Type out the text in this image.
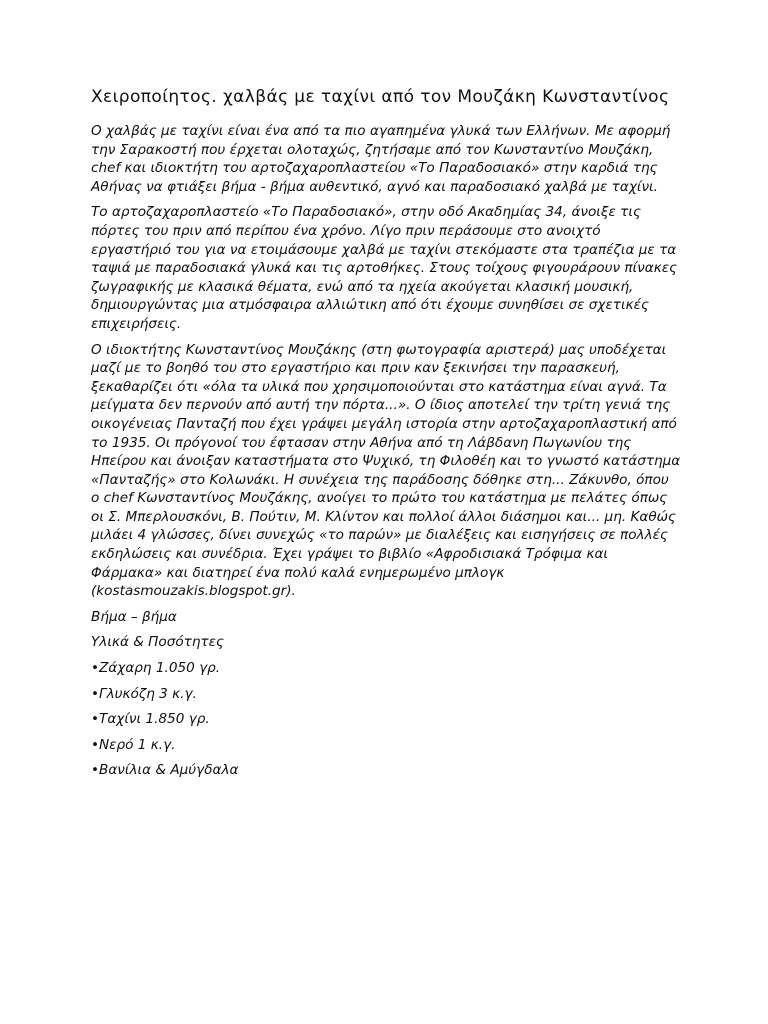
Χειροποίητος. χαλβάς με ταχίνι από τον Μουζάκη Κωνσταντίνος

Ο χαλβάς με ταχίνι είναι ένα από τα πιο αγαπημένα γλυκά των Ελλήνων. Με αφορμή την Σαρακοστή που έρχεται ολοταχώς, ζητήσαμε από τον Κωνσταντίνο Μουζάκη, chef και ιδιοκτήτη του αρτοζαχαροπλαστείου «Το Παραδοσιακό» στην καρδιά της Αθήνας να φτιάξει βήμα - βήμα αυθεντικό, αγνό και παραδοσιακό χαλβά με ταχίνι.

Το αρτοζαχαροπλαστείο «Το Παραδοσιακό», στην οδό Ακαδημίας 34, άνοιξε τις πόρτες του πριν από περίπου ένα χρόνο. Λίγο πριν περάσουμε στο ανοιχτό εργαστήριό του για να ετοιμάσουμε χαλβά με ταχίνι στεκόμαστε στα τραπέζια με τα ταψιά με παραδοσιακά γλυκά και τις αρτοθήκες. Στους τοίχους φιγουράρουν πίνακες ζωγραφικής με κλασικά θέματα, ενώ από τα ηχεία ακούγεται κλασική μουσική, δημιουργώντας μια ατμόσφαιρα αλλιώτικη από ότι έχουμε συνηθίσει σε σχετικές επιχειρήσεις.

Ο ιδιοκτήτης Κωνσταντίνος Μουζάκης (στη φωτογραφία αριστερά) μας υποδέχεται μαζί με το βοηθό του στο εργαστήριο και πριν καν ξεκινήσει την παρασκευή, ξεκαθαρίζει ότι «όλα τα υλικά που χρησιμοποιούνται στο κατάστημα είναι αγνά. Τα μείγματα δεν περνούν από αυτή την πόρτα...». Ο ίδιος αποτελεί την τρίτη γενιά της οικογένειας Πανταζή που έχει γράψει μεγάλη ιστορία στην αρτοζαχαροπλαστική από το 1935. Οι πρόγονοί του έφτασαν στην Αθήνα από τη Λάβδανη Πωγωνίου της Ηπείρου και άνοιξαν καταστήματα στο Ψυχικό, τη Φιλοθέη και το γνωστό κατάστημα «Πανταζής» στο Κολωνάκι. Η συνέχεια της παράδοσης δόθηκε στη... Ζάκυνθο, όπου ο chef Κωνσταντίνος Μουζάκης, ανοίγει το πρώτο του κατάστημα με πελάτες όπως οι Σ. Μπερλουσκόνι, Β. Πούτιν, Μ. Κλίντον και πολλοί άλλοι διάσημοι και... μη. Καθώς μιλάει 4 γλώσσες, δίνει συνεχώς «το παρών» με διαλέξεις και εισηγήσεις σε πολλές εκδηλώσεις και συνέδρια. Έχει γράψει το βιβλίο «Αφροδισιακά Τρόφιμα και Φάρμακα» και διατηρεί ένα πολύ καλά ενημερωμένο μπλογκ (kostasmouzakis.blogspot.gr).

Βήμα – βήμα

Υλικά & Ποσότητες

•Ζάχαρη 1.050 γρ.
•Γλυκόζη 3 κ.γ.
•Ταχίνι 1.850 γρ.
•Νερό 1 κ.γ.
•Βανίλια & Αμύγδαλα
